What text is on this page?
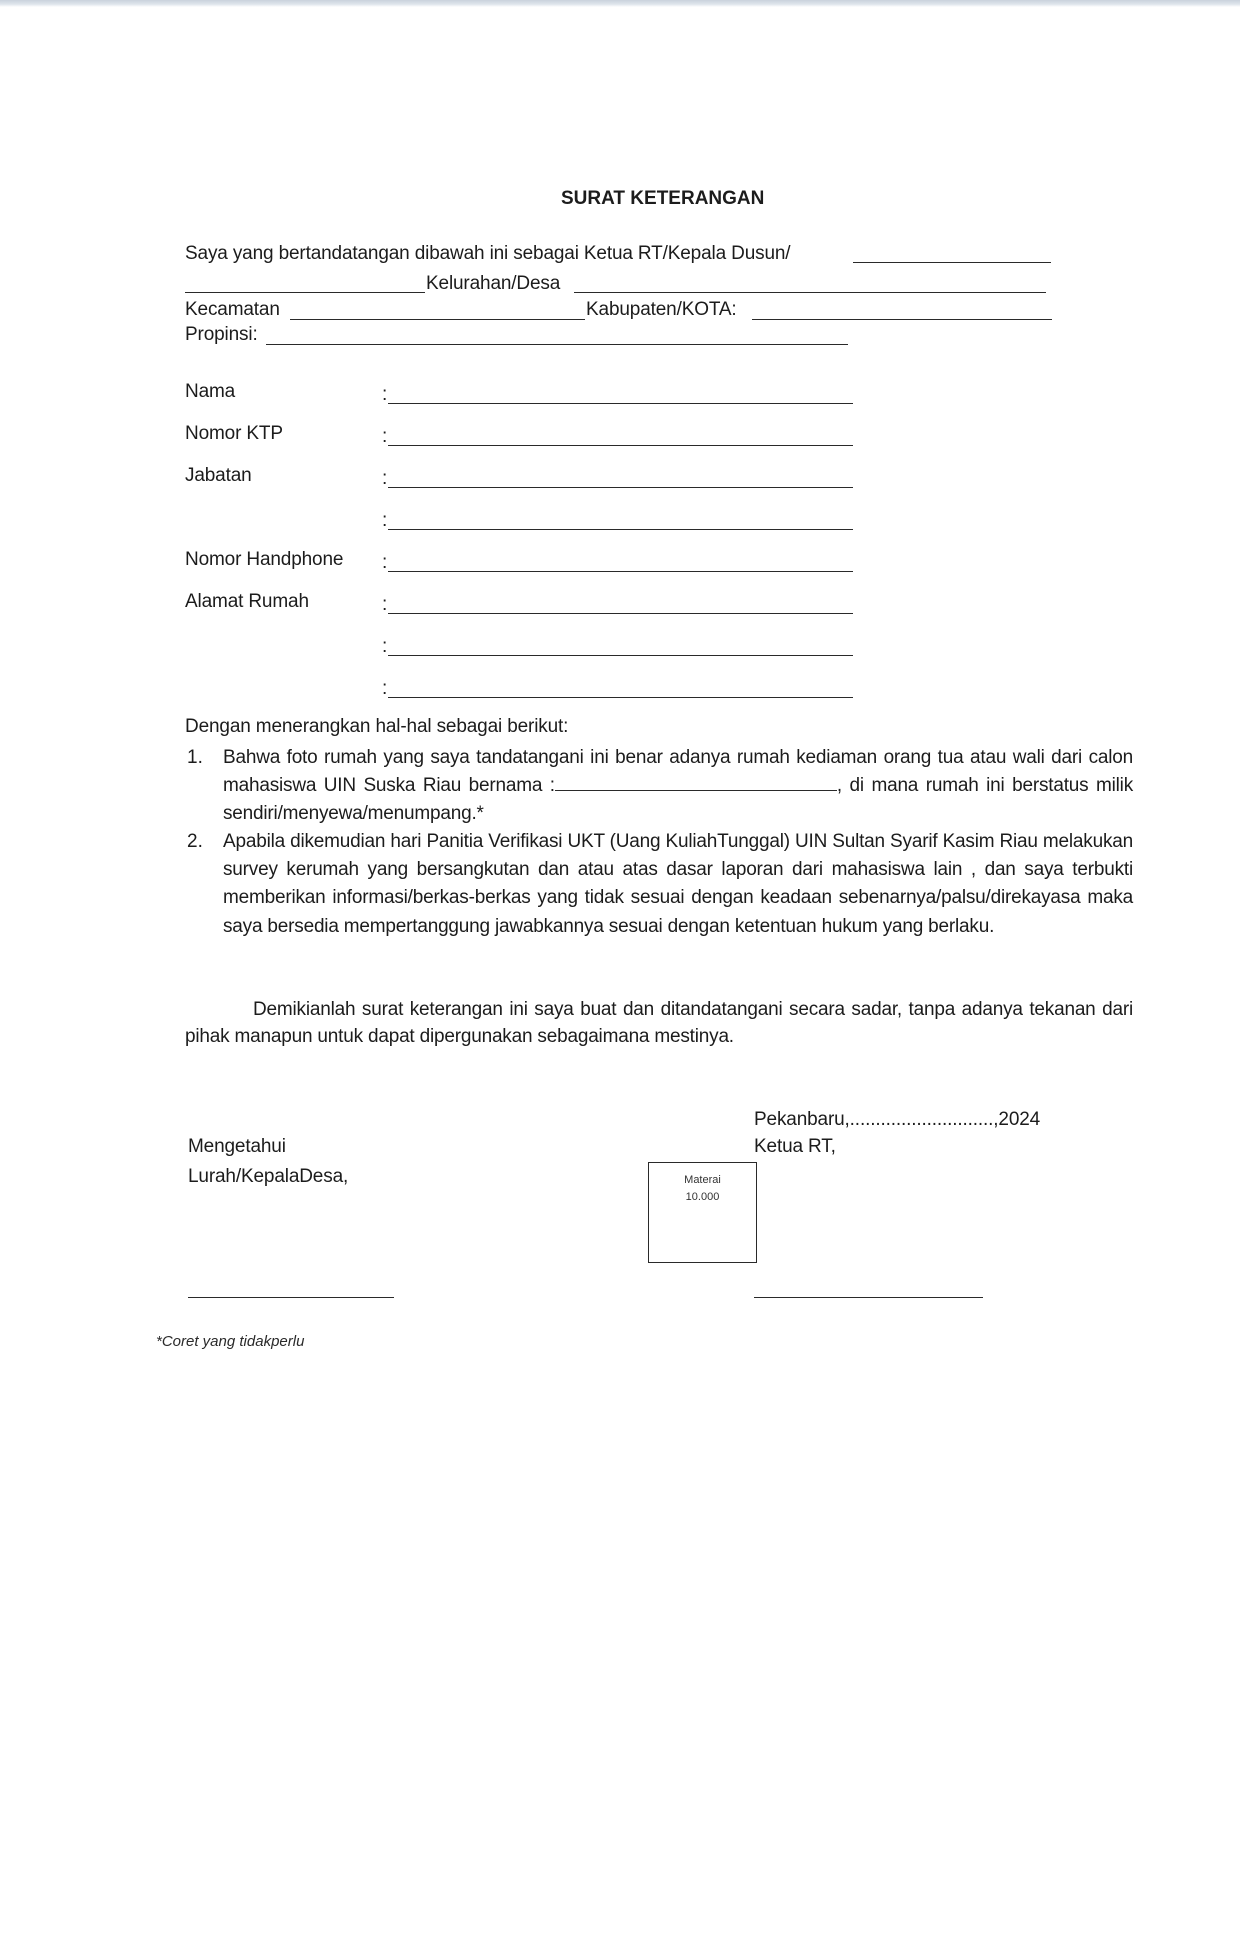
SURAT KETERANGAN
Saya yang bertandatangan dibawah ini sebagai Ketua RT/Kepala Dusun/
Kelurahan/Desa
Kecamatan	Kabupaten/KOTA:
Propinsi:
Nama	:
Nomor KTP	:
Jabatan	:
:
Nomor Handphone :
Alamat Rumah	:
:
:
Dengan menerangkan hal-hal sebagai berikut:
1. Bahwa foto rumah yang saya tandatangani ini benar adanya rumah kediaman orang tua atau wali dari calon mahasiswa UIN Suska Riau bernama :	, di mana rumah ini berstatus milik sendiri/menyewa/menumpang.*
2. Apabila dikemudian hari Panitia Verifikasi UKT (Uang KuliahTunggal) UIN Sultan Syarif Kasim Riau melakukan survey kerumah yang bersangkutan dan atau atas dasar laporan dari mahasiswa lain , dan saya terbukti memberikan informasi/berkas-berkas yang tidak sesuai dengan keadaan sebenarnya/palsu/direkayasa maka saya bersedia mempertanggung jawabkannya sesuai dengan ketentuan hukum yang berlaku.
Demikianlah surat keterangan ini saya buat dan ditandatangani secara sadar, tanpa adanya tekanan dari pihak manapun untuk dapat dipergunakan sebagaimana mestinya.
Pekanbaru,............................,2024
Mengetahui	Ketua RT,
Lurah/KepalaDesa,	Materai
10.000
*Coret yang tidakperlu
